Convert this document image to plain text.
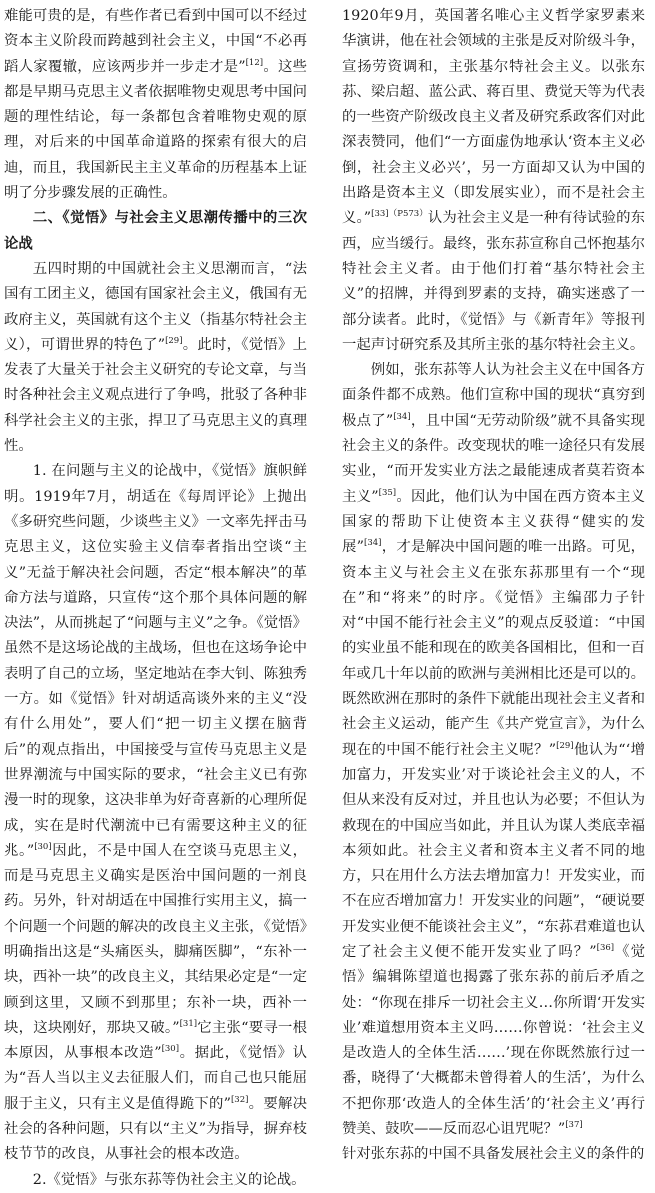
难能可贵的是，有些作者已看到中国可以不经过资本主义阶段而跨越到社会主义，中国“不必再蹈人家覆辙，应该两步并一步走才是”[12]。这些都是早期马克思主义者依据唯物史观思考中国问题的理性结论，每一条都包含着唯物史观的原理，对后来的中国革命道路的探索有很大的启迪，而且，我国新民主主义革命的历程基本上证明了分步骤发展的正确性。

二、《觉悟》与社会主义思潮传播中的三次论战

五四时期的中国就社会主义思潮而言，“法国有工团主义，德国有国家社会主义，俄国有无政府主义，英国就有这个主义（指基尔特社会主义），可谓世界的特色了”[29]。此时，《觉悟》上发表了大量关于社会主义研究的专论文章，与当时各种社会主义观点进行了争鸣，批驳了各种非科学社会主义的主张，捍卫了马克思主义的真理性。

1. 在问题与主义的论战中，《觉悟》旗帜鲜明。1919年7月，胡适在《每周评论》上抛出《多研究些问题，少谈些主义》一文率先抨击马克思主义，这位实验主义信奉者指出空谈“主义”无益于解决社会问题，否定“根本解决”的革命方法与道路，只宣传“这个那个具体问题的解决法”，从而挑起了“问题与主义”之争。《觉悟》虽然不是这场论战的主战场，但也在这场争论中表明了自己的立场，坚定地站在李大钊、陈独秀一方。如《觉悟》针对胡适高谈外来的主义“没有什么用处”，要人们“把一切主义摆在脑背后”的观点指出，中国接受与宣传马克思主义是世界潮流与中国实际的要求，“社会主义已有弥漫一时的现象，这决非单为好奇喜新的心理所促成，实在是时代潮流中已有需要这种主义的征兆。”[30]因此，不是中国人在空谈马克思主义，而是马克思主义确实是医治中国问题的一剂良药。另外，针对胡适在中国推行实用主义，搞一个问题一个问题的解决的改良主义主张，《觉悟》明确指出这是“头痛医头，脚痛医脚”，“东补一块，西补一块”的改良主义，其结果必定是“一定顾到这里，又顾不到那里；东补一块，西补一块，这块刚好，那块又破。”[31]它主张“要寻一根本原因，从事根本改造”[30]。据此，《觉悟》认为“吾人当以主义去征服人们，而自己也只能屈服于主义，只有主义是值得跪下的”[32]。要解决社会的各种问题，只有以“主义”为指导，摒弃枝枝节节的改良，从事社会的根本改造。

2.《觉悟》与张东荪等伪社会主义的论战。

1920年9月，英国著名唯心主义哲学家罗素来华演讲，他在社会领域的主张是反对阶级斗争，宣扬劳资调和，主张基尔特社会主义。以张东荪、梁启超、蓝公武、蒋百里、费觉天等为代表的一些资产阶级改良主义者及研究系政客们对此深表赞同，他们“一方面虚伪地承认‘资本主义必倒，社会主义必兴’，另一方面却又认为中国的出路是资本主义（即发展实业），而不是社会主义。”$^{[33](P573)}$认为社会主义是一种有待试验的东西，应当缓行。最终，张东荪宣称自己怀抱基尔特社会主义者。由于他们打着“基尔特社会主义”的招牌，并得到罗素的支持，确实迷惑了一部分读者。此时，《觉悟》与《新青年》等报刊一起声讨研究系及其所主张的基尔特社会主义。

例如，张东荪等人认为社会主义在中国各方面条件都不成熟。他们宣称中国的现状“真穷到极点了”[34]，且中国“无劳动阶级”就不具备实现社会主义的条件。改变现状的唯一途径只有发展实业，“而开发实业方法之最能速成者莫若资本主义”[35]。因此，他们认为中国在西方资本主义国家的帮助下让使资本主义获得“健实的发展”[34]，才是解决中国问题的唯一出路。可见，资本主义与社会主义在张东荪那里有一个“现在”和“将来”的时序。《觉悟》主编邵力子针对“中国不能行社会主义”的观点反驳道：“中国的实业虽不能和现在的欧美各国相比，但和一百年或几十年以前的欧洲与美洲相比还是可以的。既然欧洲在那时的条件下就能出现社会主义者和社会主义运动，能产生《共产党宣言》，为什么现在的中国不能行社会主义呢？”[29]他认为“‘增加富力，开发实业’对于谈论社会主义的人，不但从来没有反对过，并且也认为必要；不但认为救现在的中国应当如此，并且认为谋人类底幸福本须如此。社会主义者和资本主义者不同的地方，只在用什么方法去增加富力！开发实业，而不在应否增加富力！开发实业的问题”，“硬说要开发实业便不能谈社会主义”，“东荪君难道也认定了社会主义便不能开发实业了吗？”[36]《觉悟》编辑陈望道也揭露了张东荪的前后矛盾之处：“你现在排斥一切社会主义…你所谓‘开发实业’难道想用资本主义吗……你曾说：‘社会主义是改造人的全体生活……’现在你既然旅行过一番，晓得了‘大概都未曾得着人的生活’，为什么不把你那‘改造人的全体生活’的‘社会主义’再行赞美、鼓吹——反而忍心诅咒呢？”[37]

针对张东荪的中国不具备发展社会主义的条件的
